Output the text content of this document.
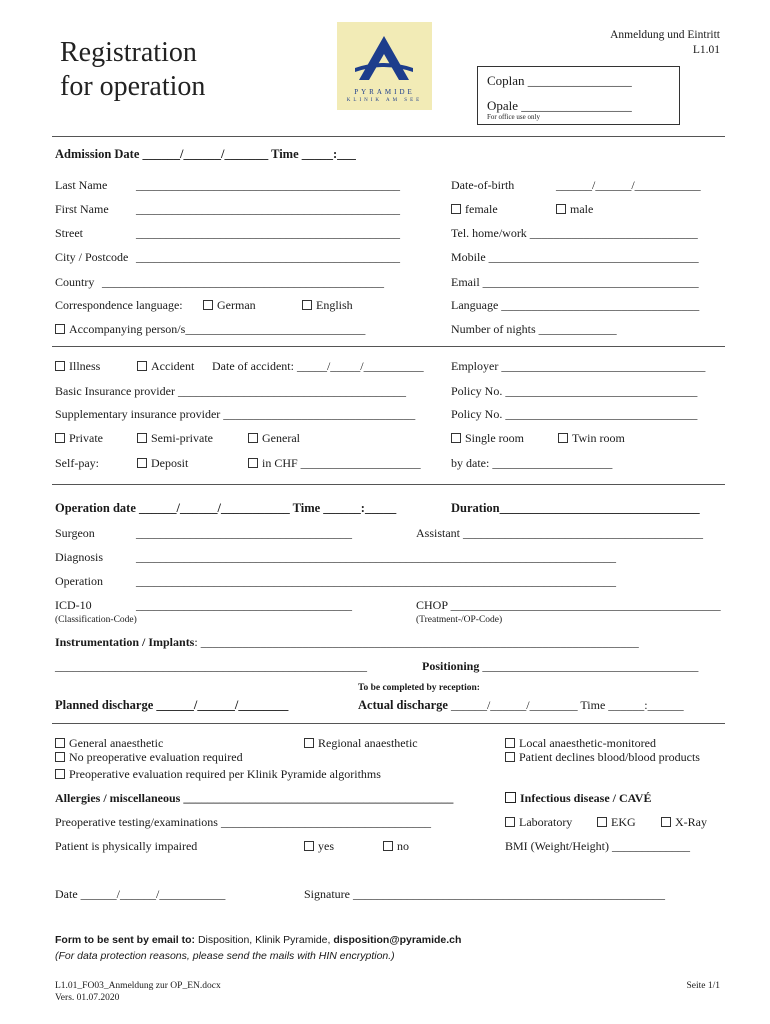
Registration
for operation	PYRAMIDE
KLINIK AM SEE
Anmeldung und Eintritt
L1.01
Coplan ________________
Opale _________________
For office use only
Admission Date ______/______/_______ Time _____:___
Last Name ____________________________________________
First Name ____________________________________________
Street	____________________________________________
City / Postcode ____________________________________________
Country _______________________________________________
Correspondence language:	German	English
Accompanying person/s______________________________
Date-of-birth	______/______/___________
female	male
Tel. home/work ____________________________
Mobile ___________________________________
Email ____________________________________
Language _________________________________
Number of nights _____________
Illness	Accident Date of accident: _____/_____/__________
Basic Insurance provider ______________________________________
Supplementary insurance provider ________________________________
Private	Semi-private	General
Self-pay:	Deposit	in CHF ____________________
Employer __________________________________
Policy No. ________________________________
Policy No. ________________________________
Single room	Twin room
by date: ____________________
Operation date ______/______/___________ Time ______:_____	Duration________________________________
Surgeon	____________________________________	Assistant ________________________________________
Diagnosis	________________________________________________________________________________
Operation	________________________________________________________________________________
ICD-10	____________________________________
(Classification-Code)
CHOP _____________________________________________
(Treatment-/OP-Code)
Instrumentation / Implants: _________________________________________________________________________
____________________________________________________	Positioning ____________________________________
To be completed by reception:
Planned discharge ______/______/________	Actual discharge ______/______/________ Time ______:______
General anaesthetic	Regional anaesthetic	Local anaesthetic-monitored
No preoperative evaluation required	Patient declines blood/blood products
Preoperative evaluation required per Klinik Pyramide algorithms
Allergies / miscellaneous _____________________________________________	Infectious disease / CAVÉ
Preoperative testing/examinations ___________________________________	Laboratory	EKG	X-Ray
Patient is physically impaired	yes	no	BMI (Weight/Height) _____________
Date ______/______/___________	Signature ____________________________________________________
Form to be sent by email to: Disposition, Klinik Pyramide, disposition@pyramide.ch
(For data protection reasons, please send the mails with HIN encryption.)
L1.01_FO03_Anmeldung zur OP_EN.docx
Vers. 01.07.2020
Seite 1/1
